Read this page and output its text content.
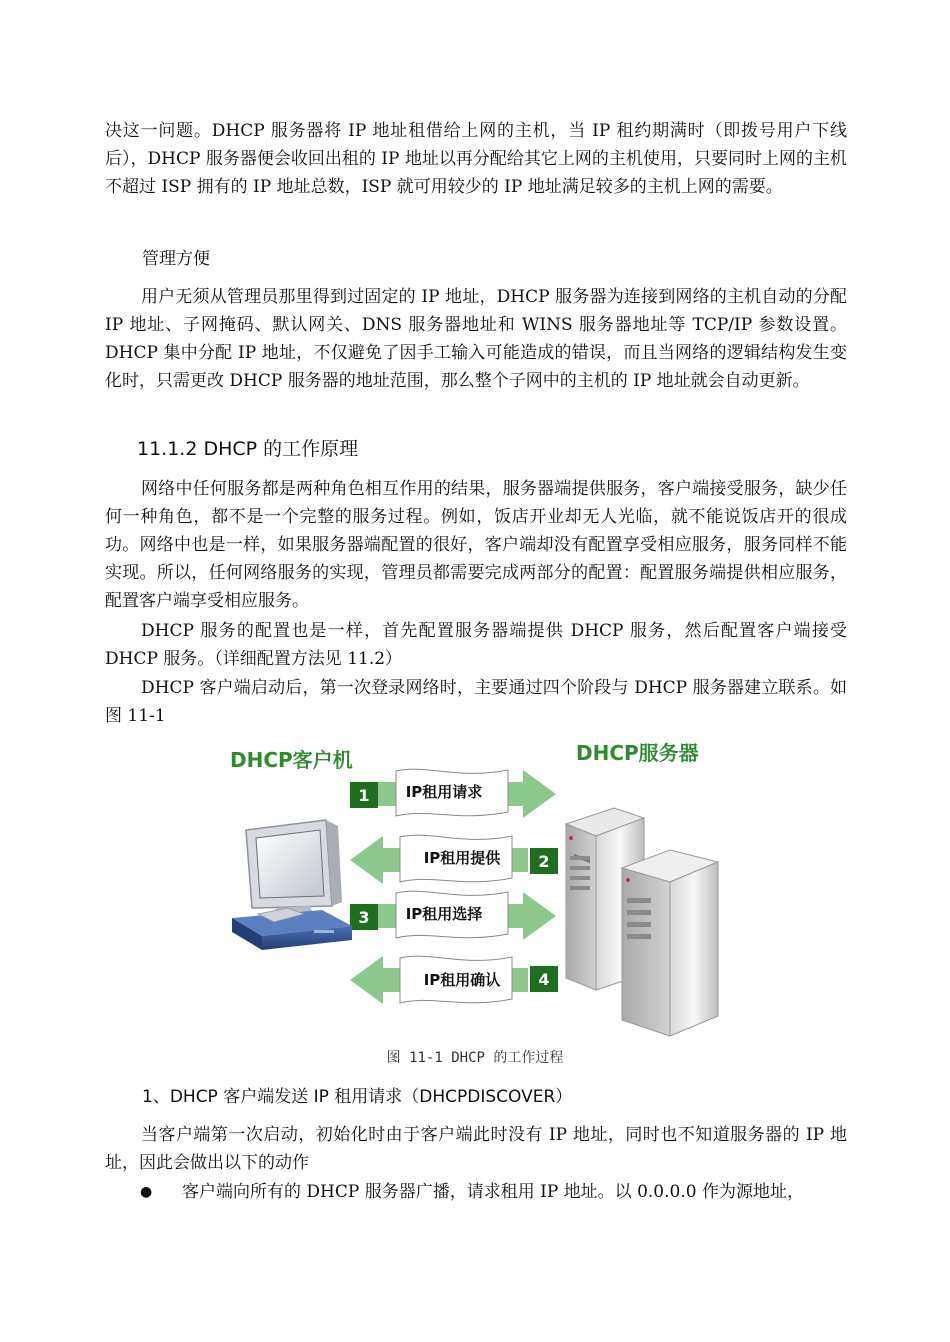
决这一问题。DHCP 服务器将 IP 地址租借给上网的主机，当 IP 租约期满时（即拨号用户下线后），DHCP 服务器便会收回出租的 IP 地址以再分配给其它上网的主机使用，只要同时上网的主机不超过 ISP 拥有的 IP 地址总数，ISP 就可用较少的 IP 地址满足较多的主机上网的需要。

管理方便

用户无须从管理员那里得到过固定的 IP 地址，DHCP 服务器为连接到网络的主机自动的分配 IP 地址、子网掩码、默认网关、DNS 服务器地址和 WINS 服务器地址等 TCP/IP 参数设置。DHCP 集中分配 IP 地址，不仅避免了因手工输入可能造成的错误，而且当网络的逻辑结构发生变化时，只需更改 DHCP 服务器的地址范围，那么整个子网中的主机的 IP 地址就会自动更新。

11.1.2 DHCP 的工作原理

网络中任何服务都是两种角色相互作用的结果，服务器端提供服务，客户端接受服务，缺少任何一种角色，都不是一个完整的服务过程。例如，饭店开业却无人光临，就不能说饭店开的很成功。网络中也是一样，如果服务器端配置的很好，客户端却没有配置享受相应服务，服务同样不能实现。所以，任何网络服务的实现，管理员都需要完成两部分的配置：配置服务端提供相应服务，配置客户端享受相应服务。

DHCP 服务的配置也是一样，首先配置服务器端提供 DHCP 服务，然后配置客户端接受 DHCP 服务。（详细配置方法见 11.2）

DHCP 客户端启动后，第一次登录网络时，主要通过四个阶段与 DHCP 服务器建立联系。如图 11-1

DHCP客户机	DHCP服务器
1 IP租用请求
2
IP租用提供
3 IP租用选择
4
IP租用确认

图 11-1 DHCP 的工作过程

1、DHCP 客户端发送 IP 租用请求（DHCPDISCOVER）

当客户端第一次启动，初始化时由于客户端此时没有 IP 地址，同时也不知道服务器的 IP 地址，因此会做出以下的动作

● 客户端向所有的 DHCP 服务器广播，请求租用 IP 地址。以 0.0.0.0 作为源地址，
